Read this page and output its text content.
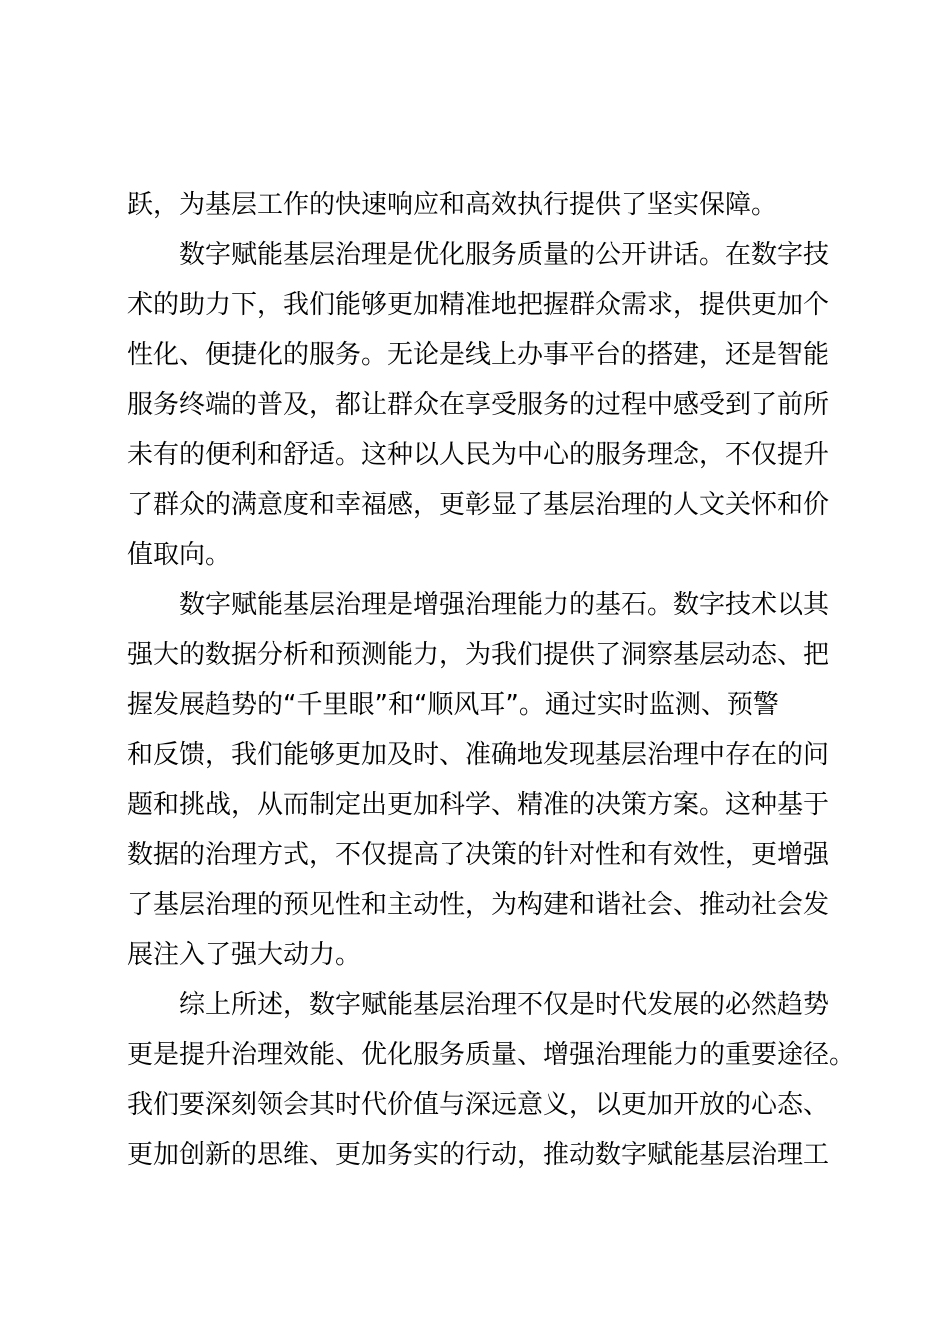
跃，为基层工作的快速响应和高效执行提供了坚实保障。
数字赋能基层治理是优化服务质量的公开讲话。在数字技
术的助力下，我们能够更加精准地把握群众需求，提供更加个
性化、便捷化的服务。无论是线上办事平台的搭建，还是智能
服务终端的普及，都让群众在享受服务的过程中感受到了前所
未有的便利和舒适。这种以人民为中心的服务理念，不仅提升
了群众的满意度和幸福感，更彰显了基层治理的人文关怀和价
值取向。
数字赋能基层治理是增强治理能力的基石。数字技术以其
强大的数据分析和预测能力，为我们提供了洞察基层动态、把
握发展趋势的“千里眼”和“顺风耳”。通过实时监测、预警
和反馈，我们能够更加及时、准确地发现基层治理中存在的问
题和挑战，从而制定出更加科学、精准的决策方案。这种基于
数据的治理方式，不仅提高了决策的针对性和有效性，更增强
了基层治理的预见性和主动性，为构建和谐社会、推动社会发
展注入了强大动力。
综上所述，数字赋能基层治理不仅是时代发展的必然趋势
更是提升治理效能、优化服务质量、增强治理能力的重要途径。
我们要深刻领会其时代价值与深远意义，以更加开放的心态、
更加创新的思维、更加务实的行动，推动数字赋能基层治理工
